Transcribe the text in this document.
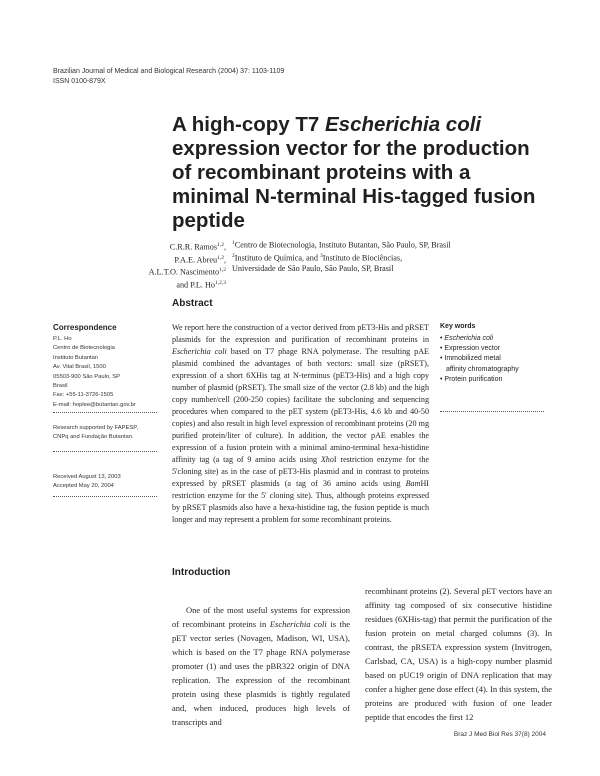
Brazilian Journal of Medical and Biological Research (2004) 37: 1103-1109
ISSN 0100-879X
A high-copy T7 Escherichia coli
expression vector for the production of recombinant proteins with a minimal N-terminal His-tagged fusion peptide
C.R.R. Ramos$^{1,2}$,
P.A.E. Abreu$^{1,2}$,
A.L.T.O. Nascimento$^{1,2}$
and P.L. Ho$^{1,2,3}$
$^1$Centro de Biotecnologia, Instituto Butantan, São Paulo, SP, Brasil
$^2$Instituto de Química, and $^3$Instituto de Biociências,
Universidade de São Paulo, São Paulo, SP, Brasil
Abstract
Correspondence
P.L. Ho
Centro de Biotecnologia
Instituto Butantan
Av. Vital Brasil, 1500
05503-900 São Paulo, SP
Brasil
Fax: +55-11-3726-1505
E-mail: hoplee@butantan.gov.br
Research supported by FAPESP,
CNPq and Fundação Butantan.
Received August 13, 2003
Accepted May 20, 2004
We report here the construction of a vector derived from pET3-His and pRSET plasmids for the expression and purification of recombinant proteins in Escherichia coli based on T7 phage RNA polymerase. The resulting pAE plasmid combined the advantages of both vectors: small size (pRSET), expression of a short 6XHis tag at N-terminus (pET3-His) and a high copy number of plasmid (pRSET). The small size of the vector (2.8 kb) and the high copy number/cell (200-250 copies) facilitate the subcloning and sequencing procedures when compared to the pET system (pET3-His, 4.6 kb and 40-50 copies) and also result in high level expression of recombinant proteins (20 mg purified protein/liter of culture). In addition, the vector pAE enables the expression of a fusion protein with a minimal amino-terminal hexa-histidine affinity tag (a tag of 9 amino acids using XhoI restriction enzyme for the 5'cloning site) as in the case of pET3-His plasmid and in contrast to proteins expressed by pRSET plasmids (a tag of 36 amino acids using BamHI restriction enzyme for the 5' cloning site). Thus, although proteins expressed by pRSET plasmids also have a hexa-histidine tag, the fusion peptide is much longer and may represent a problem for some recombinant proteins.
Key words
• Escherichia coli
• Expression vector
• Immobilized metal
affinity chromatography
• Protein purification
Introduction
One of the most useful systems for expression of recombinant proteins in Escherichia coli is the pET vector series (Novagen, Madison, WI, USA), which is based on the T7 phage RNA polymerase promoter (1) and uses the pBR322 origin of DNA replication. The expression of the recombinant protein using these plasmids is tightly regulated and, when induced, produces high levels of transcripts and
recombinant proteins (2). Several pET vectors have an affinity tag composed of six consecutive histidine residues (6XHis-tag) that permit the purification of the fusion protein on metal charged columns (3). In contrast, the pRSETA expression system (Invitrogen, Carlsbad, CA, USA) is a high-copy number plasmid based on pUC19 origin of DNA replication that may confer a higher gene dose effect (4). In this system, the proteins are produced with fusion of one leader peptide that encodes the first 12
Braz J Med Biol Res 37(8) 2004
